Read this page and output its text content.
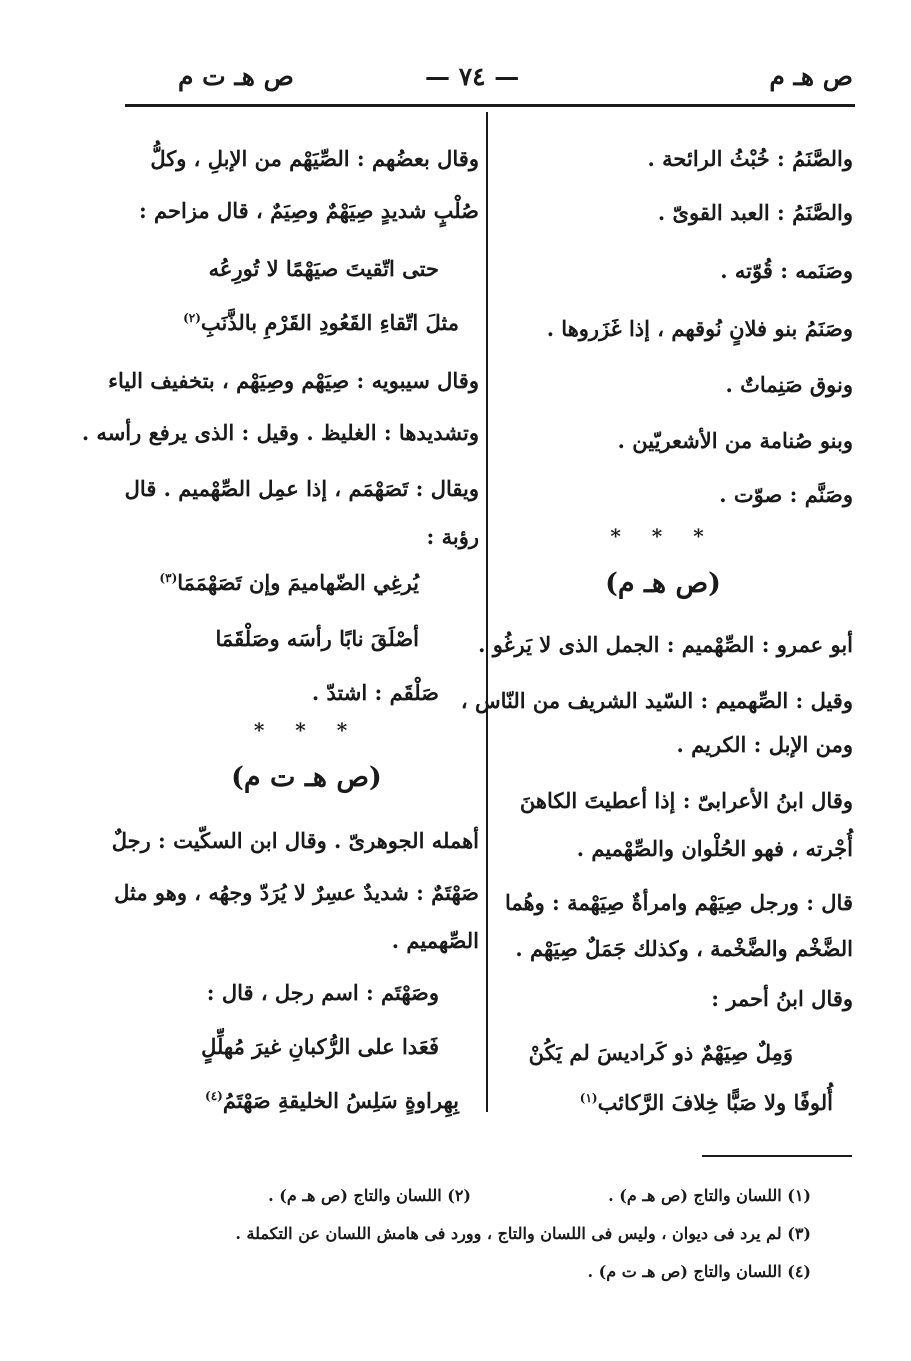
ص هـ م
— ٧٤ —
ص هـ ت م
والصَّنَمُ : خُبْثُ الرائحة .
والصَّنَمُ : العبد القوىّ .
وصَنَمه : قُوّته .
وصَنَمُ بنو فلانٍ نُوقهم ، إذا غَزَروها .
ونوق صَنِماتٌ .
وبنو صُنامة من الأشعريّين .
وصَنَّم : صوّت .
* * *
(ص هـ م)
أبو عمرو : الصِّهْميم : الجمل الذى لا يَرغُو .
وقيل : الصِّهميم : السّيد الشريف من النّاس ،
ومن الإبل : الكريم .
وقال ابنُ الأعرابىّ : إذا أعطيتَ الكاهنَ
أُجْرته ، فهو الحُلْوان والصِّهْميم .
قال : ورجل صِيَهْم وامرأةٌ صِيَهْمة : وهُما
الضَّخْم والضَّخْمة ، وكذلك جَمَلٌ صِيَهْم .
وقال ابنُ أحمر :
وَمِلٌ صِيَهْمٌ ذو كَراديسَ لم يَكُنْ
أُلوفًا ولا صَبًّا خِلافَ الرَّكائب$^{(١)}$
وقال بعضُهم : الصِّيَهْم من الإبلِ ، وكلُّ
صُلْبٍ شديدٍ صِيَهْمٌ وصِيَمٌ ، قال مزاحم :
حتى اتّقيتَ صيَهْمًا لا تُورِعُه
مثلَ اتّقاءِ القَعُودِ القَرْمِ بالذَّنَبِ$^{(٢)}$
وقال سيبويه : صِيَهْم وصِيَهْم ، بتخفيف الياء
وتشديدها : الغليظ . وقيل : الذى يرفع رأسه .
ويقال : تَصَهْمَم ، إذا عمِل الصِّهْميم . قال
رؤبة :
يُرغِي الضّهاميمَ وإن تَصَهْمَمَا$^{(٣)}$
أصْلَقَ نابًا رأسَه وصَلْقَمَا
صَلْقَم : اشتدّ .
* * *
(ص هـ ت م)
أهمله الجوهرىّ . وقال ابن السكّيت : رجلٌ
صَهْتَمٌ : شديدٌ عسِرٌ لا يُرَدّ وجهُه ، وهو مثل
الصِّهميم .
وصَهْتَم : اسم رجل ، قال :
فَعَدا على الرُّكبانِ غيرَ مُهلِّلٍ
بِهِراوةٍ سَلِسُ الخليقةِ صَهْتَمُ$^{(٤)}$
(١) اللسان والتاج (ص هـ م) .
(٢) اللسان والتاج (ص هـ م) .
(٣) لم يرد فى ديوان ، وليس فى اللسان والتاج ، وورد فى هامش اللسان عن التكملة .
(٤) اللسان والتاج (ص هـ ت م) .
